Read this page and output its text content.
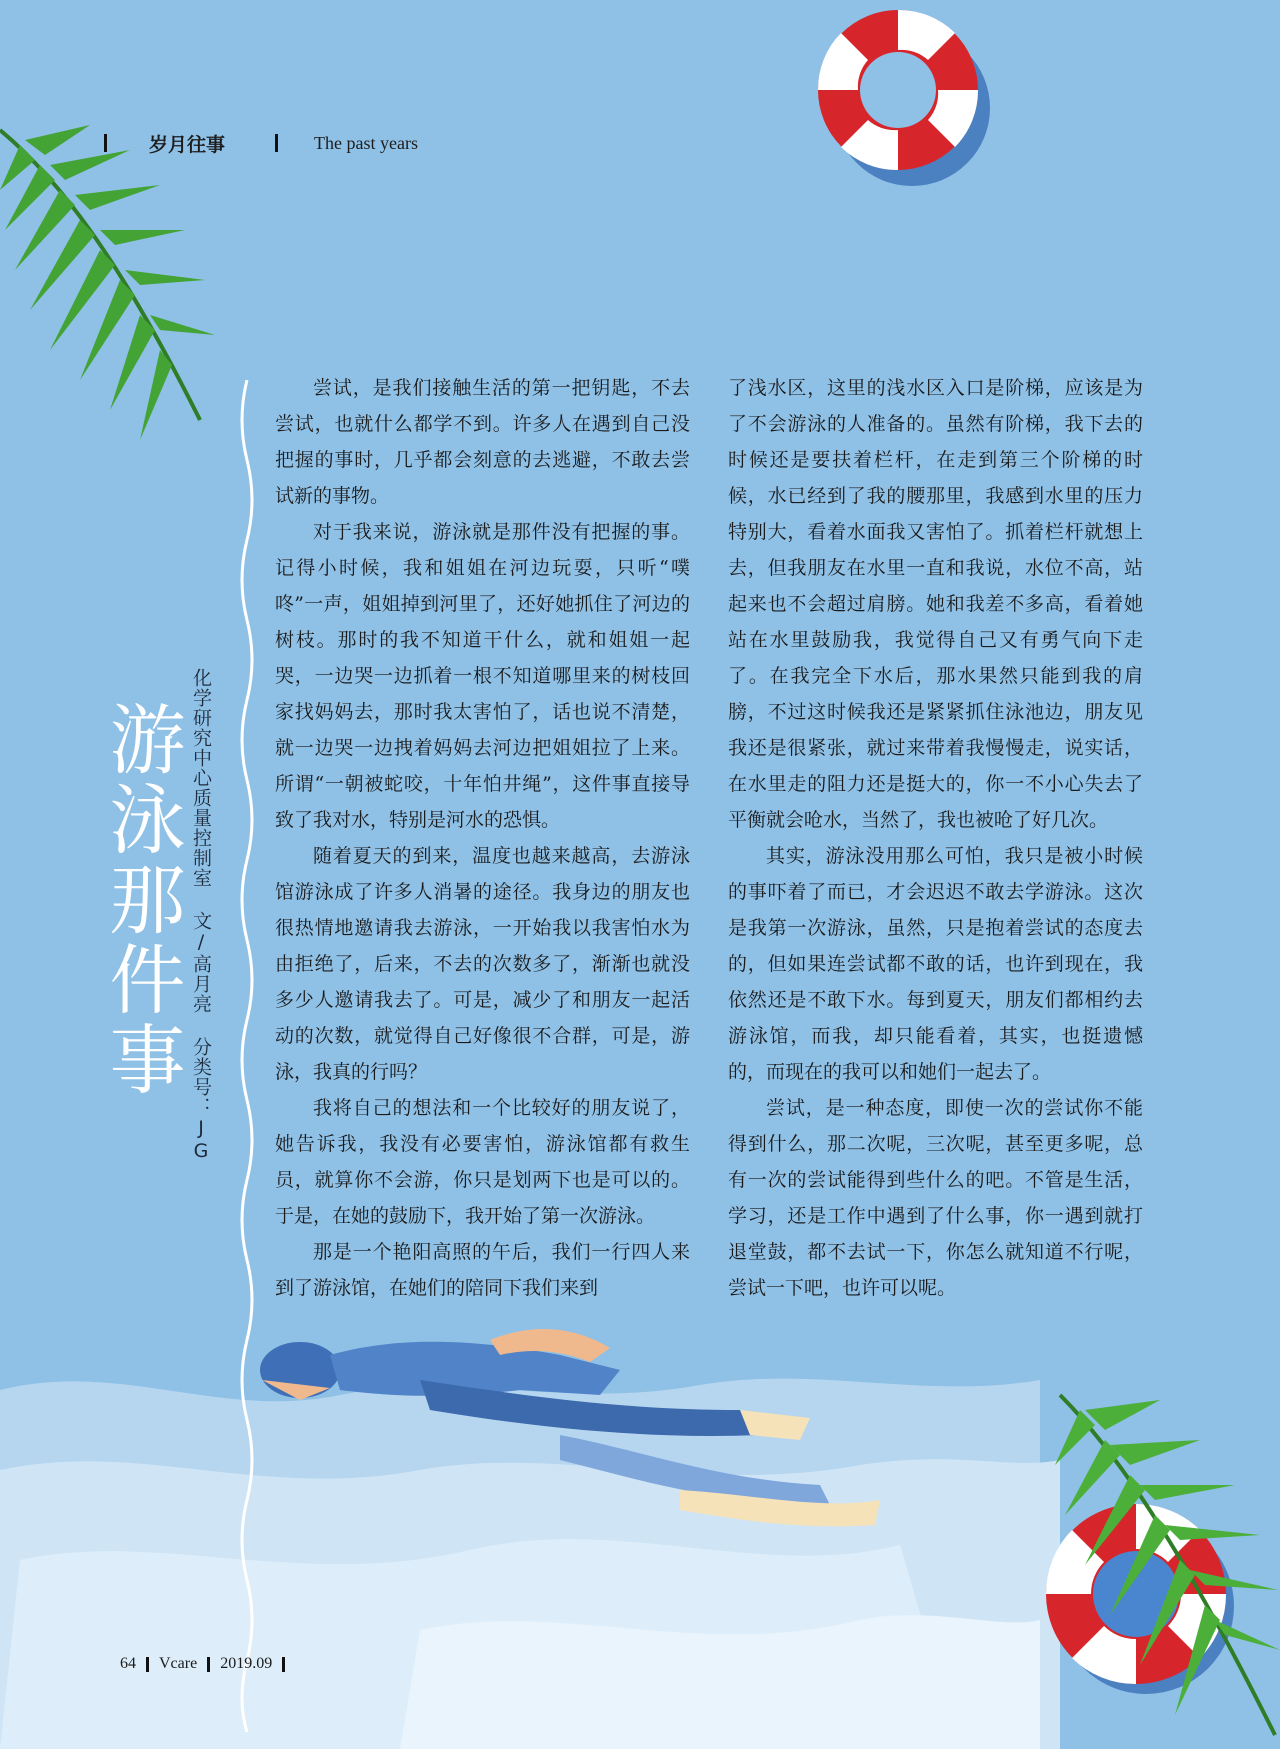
岁月往事	The past years
游泳那件事 化学研究中心质量控制室 文/高月亮 分类号：JG

尝试，是我们接触生活的第一把钥匙，不去尝试，也就什么都学不到。许多人在遇到自己没把握的事时，几乎都会刻意的去逃避，不敢去尝试新的事物。

对于我来说，游泳就是那件没有把握的事。记得小时候，我和姐姐在河边玩耍，只听“噗咚”一声，姐姐掉到河里了，还好她抓住了河边的树枝。那时的我不知道干什么，就和姐姐一起哭，一边哭一边抓着一根不知道哪里来的树枝回家找妈妈去，那时我太害怕了，话也说不清楚，就一边哭一边拽着妈妈去河边把姐姐拉了上来。所谓“一朝被蛇咬，十年怕井绳”，这件事直接导致了我对水，特别是河水的恐惧。

随着夏天的到来，温度也越来越高，去游泳馆游泳成了许多人消暑的途径。我身边的朋友也很热情地邀请我去游泳，一开始我以我害怕水为由拒绝了，后来，不去的次数多了，渐渐也就没多少人邀请我去了。可是，减少了和朋友一起活动的次数，就觉得自己好像很不合群，可是，游泳，我真的行吗？

我将自己的想法和一个比较好的朋友说了，她告诉我，我没有必要害怕，游泳馆都有救生员，就算你不会游，你只是划两下也是可以的。于是，在她的鼓励下，我开始了第一次游泳。

那是一个艳阳高照的午后，我们一行四人来到了游泳馆，在她们的陪同下我们来到

了浅水区，这里的浅水区入口是阶梯，应该是为了不会游泳的人准备的。虽然有阶梯，我下去的时候还是要扶着栏杆，在走到第三个阶梯的时候，水已经到了我的腰那里，我感到水里的压力特别大，看着水面我又害怕了。抓着栏杆就想上去，但我朋友在水里一直和我说，水位不高，站起来也不会超过肩膀。她和我差不多高，看着她站在水里鼓励我，我觉得自己又有勇气向下走了。在我完全下水后，那水果然只能到我的肩膀，不过这时候我还是紧紧抓住泳池边，朋友见我还是很紧张，就过来带着我慢慢走，说实话，在水里走的阻力还是挺大的，你一不小心失去了平衡就会呛水，当然了，我也被呛了好几次。

其实，游泳没用那么可怕，我只是被小时候的事吓着了而已，才会迟迟不敢去学游泳。这次是我第一次游泳，虽然，只是抱着尝试的态度去的，但如果连尝试都不敢的话，也许到现在，我依然还是不敢下水。每到夏天，朋友们都相约去游泳馆，而我，却只能看着，其实，也挺遗憾的，而现在的我可以和她们一起去了。

尝试，是一种态度，即使一次的尝试你不能得到什么，那二次呢，三次呢，甚至更多呢，总有一次的尝试能得到些什么的吧。不管是生活，学习，还是工作中遇到了什么事，你一遇到就打退堂鼓，都不去试一下，你怎么就知道不行呢，尝试一下吧，也许可以呢。

64 Vcare 2019.09
